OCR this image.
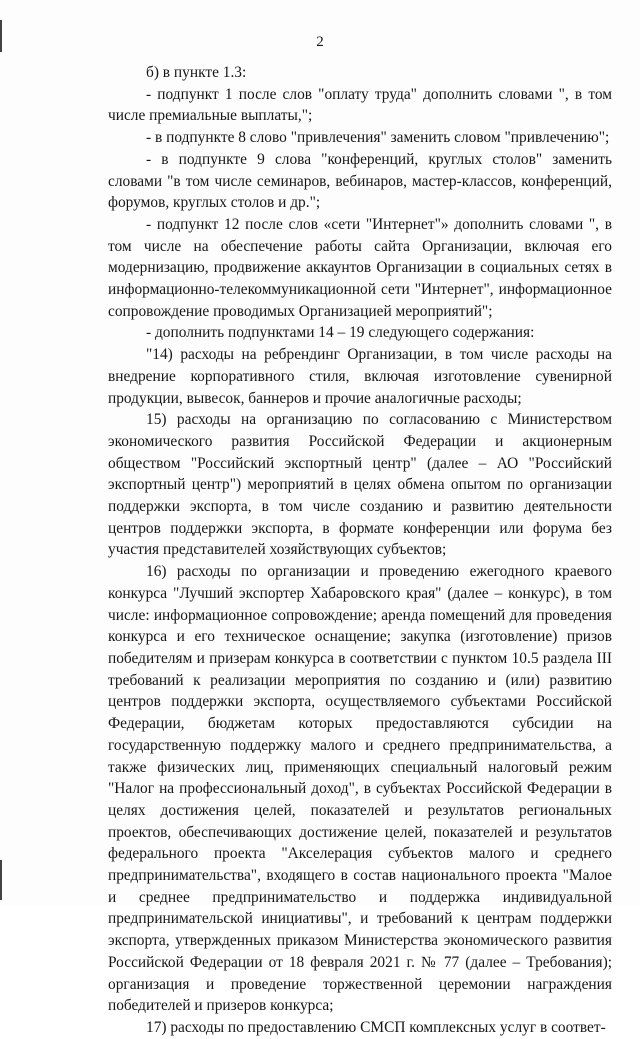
2

б) в пункте 1.3:

- подпункт 1 после слов "оплату труда" дополнить словами ", в том числе премиальные выплаты,";

- в подпункте 8 слово "привлечения" заменить словом "привлечению";

- в подпункте 9 слова "конференций, круглых столов" заменить словами "в том числе семинаров, вебинаров, мастер-классов, конференций, форумов, круглых столов и др.";

- подпункт 12 после слов «сети "Интернет"» дополнить словами ", в том числе на обеспечение работы сайта Организации, включая его модернизацию, продвижение аккаунтов Организации в социальных сетях в информационно-телекоммуникационной сети "Интернет", информационное сопровождение проводимых Организацией мероприятий";

- дополнить подпунктами 14 – 19 следующего содержания:

"14) расходы на ребрендинг Организации, в том числе расходы на внедрение корпоративного стиля, включая изготовление сувенирной продукции, вывесок, баннеров и прочие аналогичные расходы;

15) расходы на организацию по согласованию с Министерством экономического развития Российской Федерации и акционерным обществом "Российский экспортный центр" (далее – АО "Российский экспортный центр") мероприятий в целях обмена опытом по организации поддержки экспорта, в том числе созданию и развитию деятельности центров поддержки экспорта, в формате конференции или форума без участия представителей хозяйствующих субъектов;

16) расходы по организации и проведению ежегодного краевого конкурса "Лучший экспортер Хабаровского края" (далее – конкурс), в том числе: информационное сопровождение; аренда помещений для проведения конкурса и его техническое оснащение; закупка (изготовление) призов победителям и призерам конкурса в соответствии с пунктом 10.5 раздела III требований к реализации мероприятия по созданию и (или) развитию центров поддержки экспорта, осуществляемого субъектами Российской Федерации, бюджетам которых предоставляются субсидии на государственную поддержку малого и среднего предпринимательства, а также физических лиц, применяющих специальный налоговый режим "Налог на профессиональный доход", в субъектах Российской Федерации в целях достижения целей, показателей и результатов региональных проектов, обеспечивающих достижение целей, показателей и результатов федерального проекта "Акселерация субъектов малого и среднего предпринимательства", входящего в состав национального проекта "Малое и среднее предпринимательство и поддержка индивидуальной предпринимательской инициативы", и требований к центрам поддержки экспорта, утвержденных приказом Министерства экономического развития Российской Федерации от 18 февраля 2021 г. № 77 (далее – Требования); организация и проведение торжественной церемонии награждения победителей и призеров конкурса;

17) расходы по предоставлению СМСП комплексных услуг в соответ-
